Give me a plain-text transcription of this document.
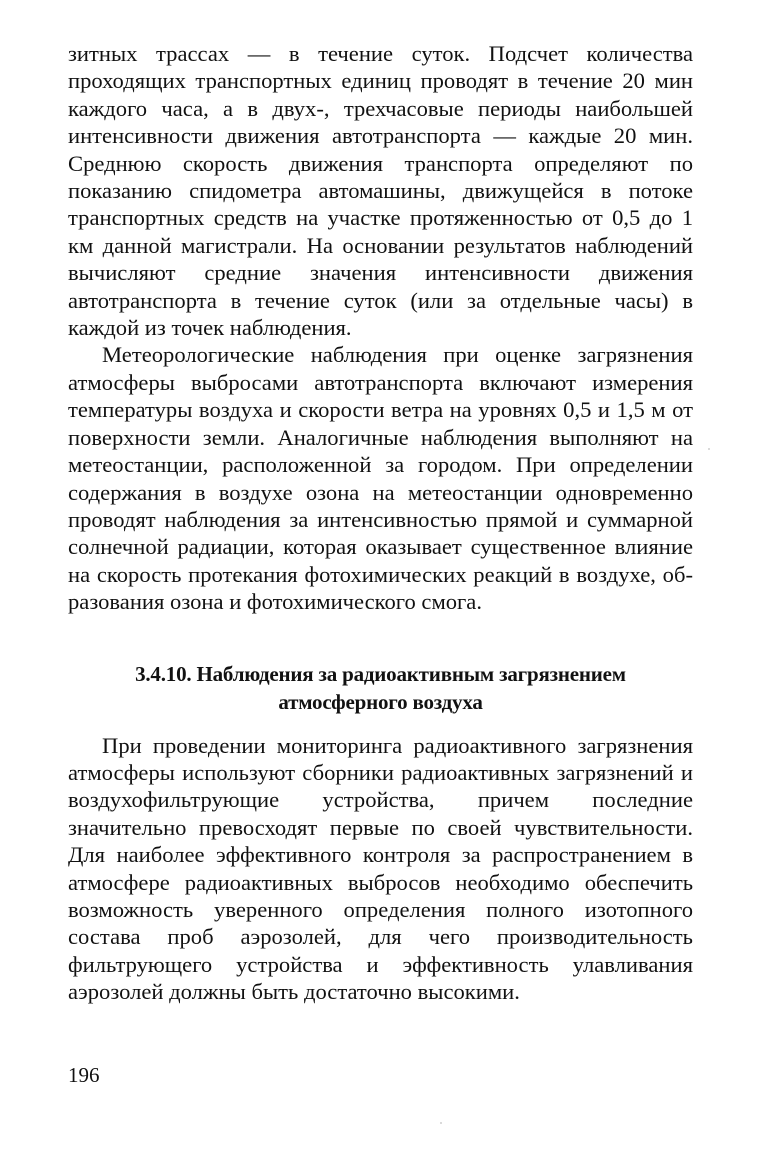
зитных трассах — в течение суток. Подсчет количества проходящих транспортных единиц проводят в течение 20 мин каждого часа, а в двух-, трехчасовые периоды наибольшей интенсивности движения автотранспорта — каждые 20 мин. Среднюю скорость движения транспорта определяют по показанию спидометра автомашины, движущейся в потоке транспортных средств на участке протяженностью от 0,5 до 1 км данной магистрали. На основании результатов наблюдений вычисляют средние значения интенсивности движения автотранспорта в течение суток (или за отдельные часы) в каждой из точек наблюдения.

Метеорологические наблюдения при оценке загрязнения атмосферы выбросами автотранспорта включают измерения температуры воздуха и скорости ветра на уровнях 0,5 и 1,5 м от поверхности земли. Аналогичные наблюдения выполняют на метеостанции, расположенной за городом. При определении содержания в воздухе озона на метеостанции одновременно проводят наблюдения за интенсивностью прямой и суммарной солнечной радиации, которая оказывает существенное влияние на скорость протекания фотохимических реакций в воздухе, образования озона и фотохимического смога.

3.4.10. Наблюдения за радиоактивным загрязнением
атмосферного воздуха

При проведении мониторинга радиоактивного загрязнения атмосферы используют сборники радиоактивных загрязнений и воздухофильтрующие устройства, причем последние значительно превосходят первые по своей чувствительности. Для наиболее эффективного контроля за распространением в атмосфере радиоактивных выбросов необходимо обеспечить возможность уверенного определения полного изотопного состава проб аэрозолей, для чего производительность фильтрующего устройства и эффективность улавливания аэрозолей должны быть достаточно высокими.

196
